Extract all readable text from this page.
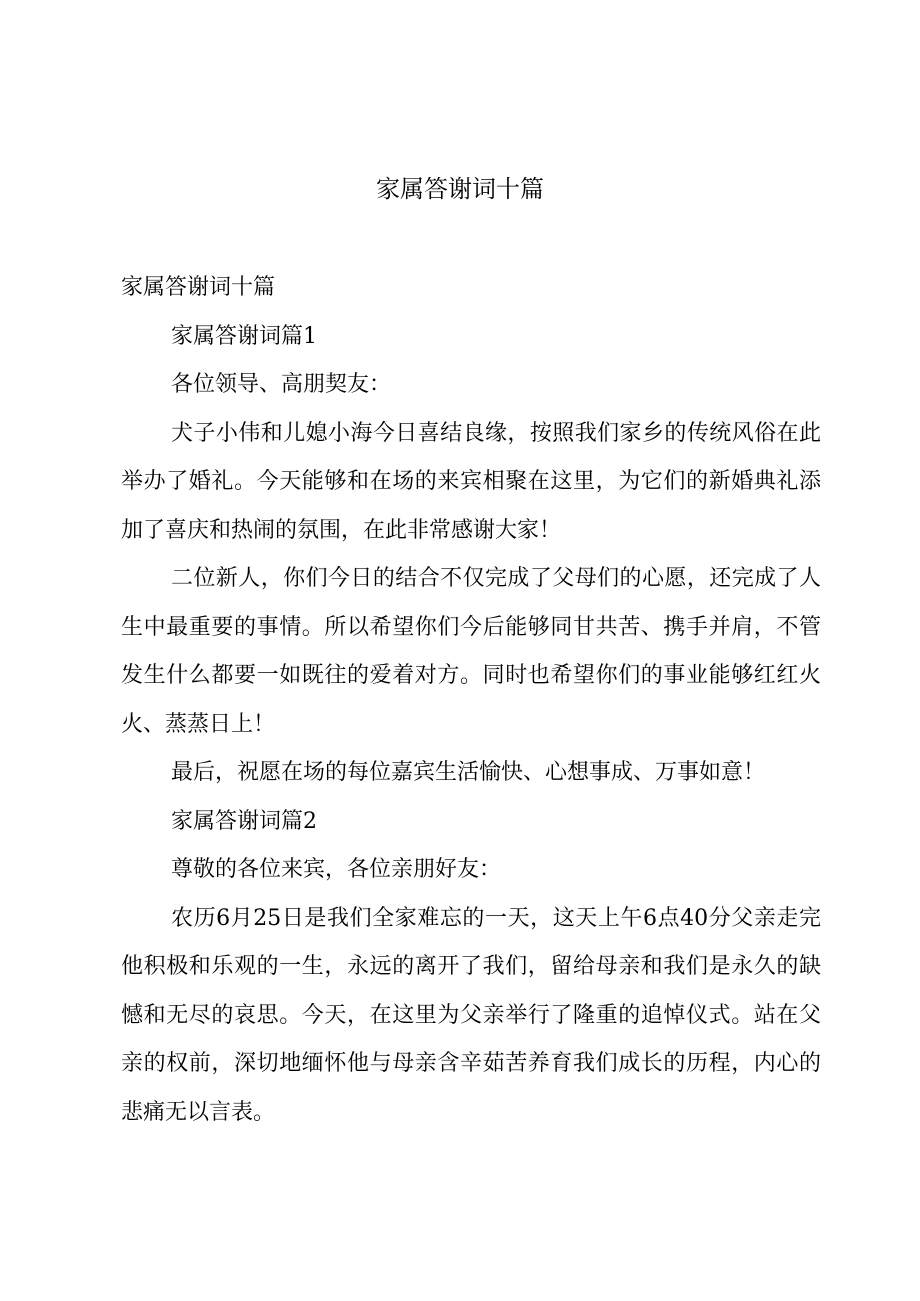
家属答谢词十篇

家属答谢词十篇

家属答谢词篇1

各位领导、高朋契友：

犬子小伟和儿媳小海今日喜结良缘，按照我们家乡的传统风俗在此举办了婚礼。今天能够和在场的来宾相聚在这里，为它们的新婚典礼添加了喜庆和热闹的氛围，在此非常感谢大家！

二位新人，你们今日的结合不仅完成了父母们的心愿，还完成了人生中最重要的事情。所以希望你们今后能够同甘共苦、携手并肩，不管发生什么都要一如既往的爱着对方。同时也希望你们的事业能够红红火火、蒸蒸日上！

最后，祝愿在场的每位嘉宾生活愉快、心想事成、万事如意！

家属答谢词篇2

尊敬的各位来宾，各位亲朋好友：

农历6月25日是我们全家难忘的一天，这天上午6点40分父亲走完他积极和乐观的一生，永远的离开了我们，留给母亲和我们是永久的缺憾和无尽的哀思。今天，在这里为父亲举行了隆重的追悼仪式。站在父亲的权前，深切地缅怀他与母亲含辛茹苦养育我们成长的历程，内心的悲痛无以言表。
